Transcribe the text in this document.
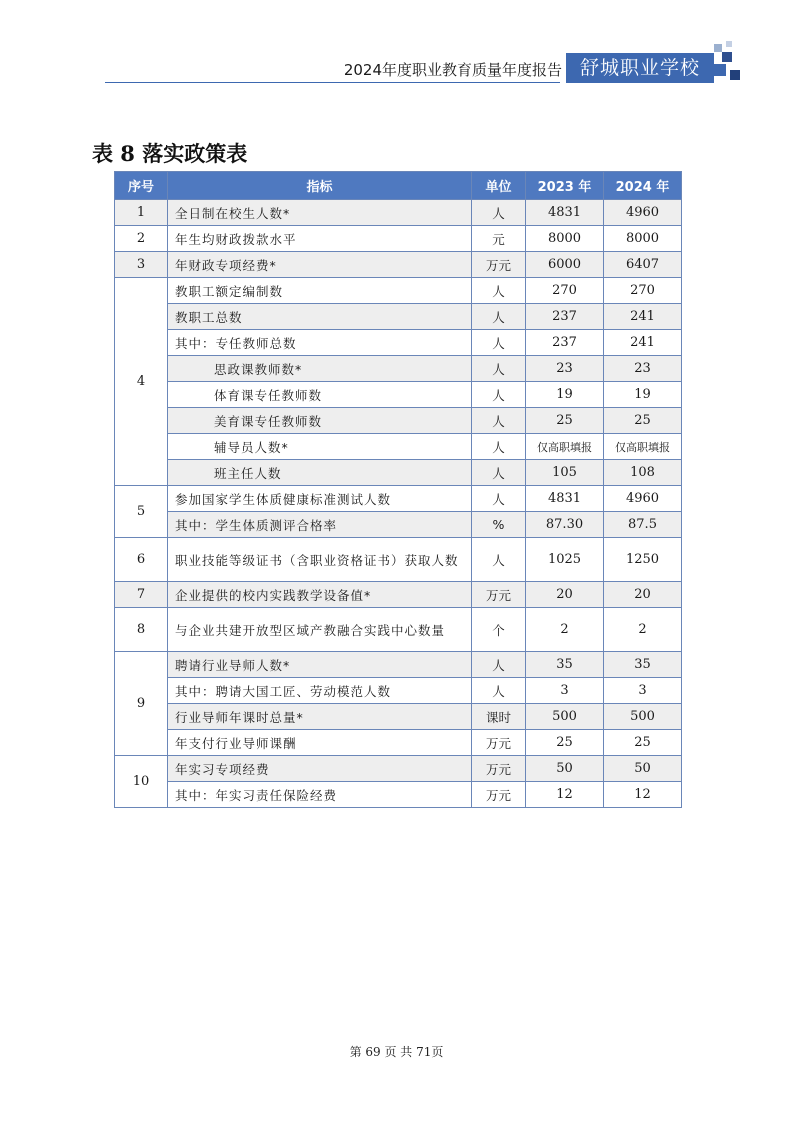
2024年度职业教育质量年度报告 舒城职业学校
表 8 落实政策表
序号	指标	单位	2023 年	2024 年
1	全日制在校生人数*	人	4831	4960
2	年生均财政拨款水平	元	8000	8000
3	年财政专项经费*	万元	6000	6407
4	教职工额定编制数	人	270	270
	教职工总数	人	237	241
	其中：专任教师总数	人	237	241
	思政课教师数*	人	23	23
	体育课专任教师数	人	19	19
	美育课专任教师数	人	25	25
	辅导员人数*	人	仅高职填报	仅高职填报
	班主任人数	人	105	108
5	参加国家学生体质健康标准测试人数	人	4831	4960
	其中：学生体质测评合格率	%	87.30	87.5
6	职业技能等级证书（含职业资格证书）获取人数	人	1025	1250
7	企业提供的校内实践教学设备值*	万元	20	20
8	与企业共建开放型区域产教融合实践中心数量	个	2	2
9	聘请行业导师人数*	人	35	35
	其中：聘请大国工匠、劳动模范人数	人	3	3
	行业导师年课时总量*	课时	500	500
	年支付行业导师课酬	万元	25	25
10	年实习专项经费	万元	50	50
	其中：年实习责任保险经费	万元	12	12
第 69 页 共 71页
